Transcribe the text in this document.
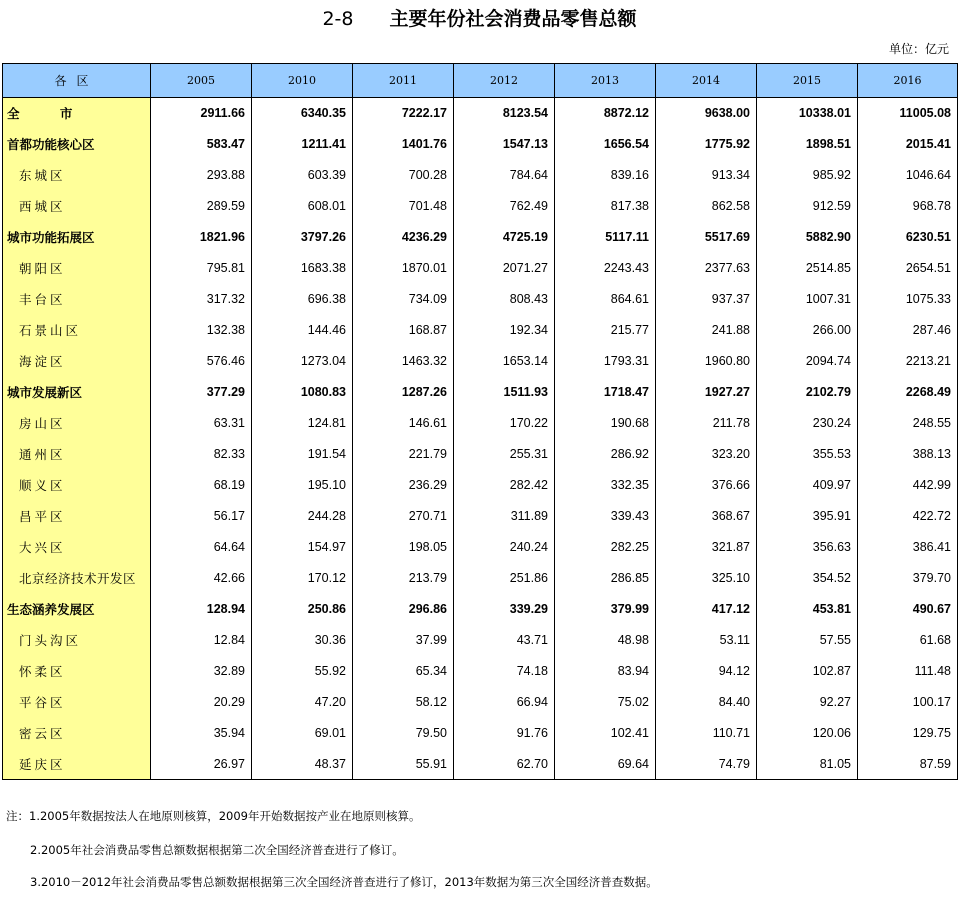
2-8 主要年份社会消费品零售总额
单位：亿元
各区	2005	2010	2011	2012	2013	2014	2015	2016
全 市	2911.66	6340.35	7222.17	8123.54	8872.12	9638.00	10338.01	11005.08
首都功能核心区	583.47	1211.41	1401.76	1547.13	1656.54	1775.92	1898.51	2015.41
东城区	293.88	603.39	700.28	784.64	839.16	913.34	985.92	1046.64
西城区	289.59	608.01	701.48	762.49	817.38	862.58	912.59	968.78
城市功能拓展区	1821.96	3797.26	4236.29	4725.19	5117.11	5517.69	5882.90	6230.51
朝阳区	795.81	1683.38	1870.01	2071.27	2243.43	2377.63	2514.85	2654.51
丰台区	317.32	696.38	734.09	808.43	864.61	937.37	1007.31	1075.33
石景山区	132.38	144.46	168.87	192.34	215.77	241.88	266.00	287.46
海淀区	576.46	1273.04	1463.32	1653.14	1793.31	1960.80	2094.74	2213.21
城市发展新区	377.29	1080.83	1287.26	1511.93	1718.47	1927.27	2102.79	2268.49
房山区	63.31	124.81	146.61	170.22	190.68	211.78	230.24	248.55
通州区	82.33	191.54	221.79	255.31	286.92	323.20	355.53	388.13
顺义区	68.19	195.10	236.29	282.42	332.35	376.66	409.97	442.99
昌平区	56.17	244.28	270.71	311.89	339.43	368.67	395.91	422.72
大兴区	64.64	154.97	198.05	240.24	282.25	321.87	356.63	386.41
北京经济技术开发区	42.66	170.12	213.79	251.86	286.85	325.10	354.52	379.70
生态涵养发展区	128.94	250.86	296.86	339.29	379.99	417.12	453.81	490.67
门头沟区	12.84	30.36	37.99	43.71	48.98	53.11	57.55	61.68
怀柔区	32.89	55.92	65.34	74.18	83.94	94.12	102.87	111.48
平谷区	20.29	47.20	58.12	66.94	75.02	84.40	92.27	100.17
密云区	35.94	69.01	79.50	91.76	102.41	110.71	120.06	129.75
延庆区	26.97	48.37	55.91	62.70	69.64	74.79	81.05	87.59
注：1.2005年数据按法人在地原则核算，2009年开始数据按产业在地原则核算。
2.2005年社会消费品零售总额数据根据第二次全国经济普查进行了修订。
3.2010－2012年社会消费品零售总额数据根据第三次全国经济普查进行了修订，2013年数据为第三次全国经济普查数据。
